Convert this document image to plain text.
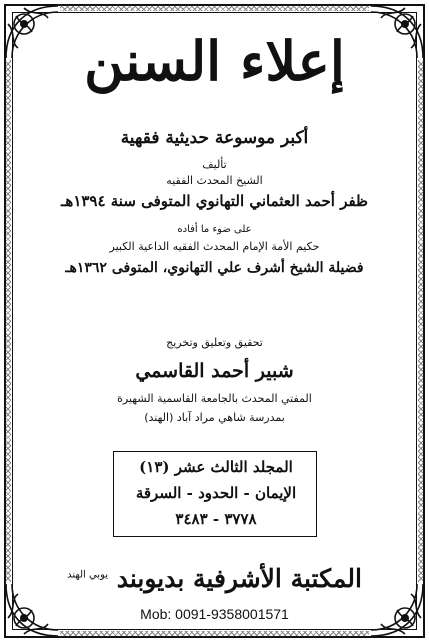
إعلاء السنن
أكبر موسوعة حديثية فقهية
تأليف
الشيخ المحدث الفقيه
ظفر أحمد العثماني التهانوي المتوفى سنة ١٣٩٤هـ
على ضوء ما أفاده
حكيم الأمة الإمام المحدث الفقيه الداعية الكبير
فضيلة الشيخ أشرف علي التهانوي، المتوفى ١٣٦٢هـ
تحقيق وتعليق وتخريج
شبير أحمد القاسمي
المفتي المحدث بالجامعة القاسمية الشهيرة
بمدرسة شاهي مراد آباد (الهند)
المجلد الثالث عشر (١٣)
الإيمان - الحدود - السرقة
٣٧٧٨ - ٣٤٨٣
المكتبة الأشرفية بديوبند $^{يوبي الهند}$
Mob: 0091-9358001571
